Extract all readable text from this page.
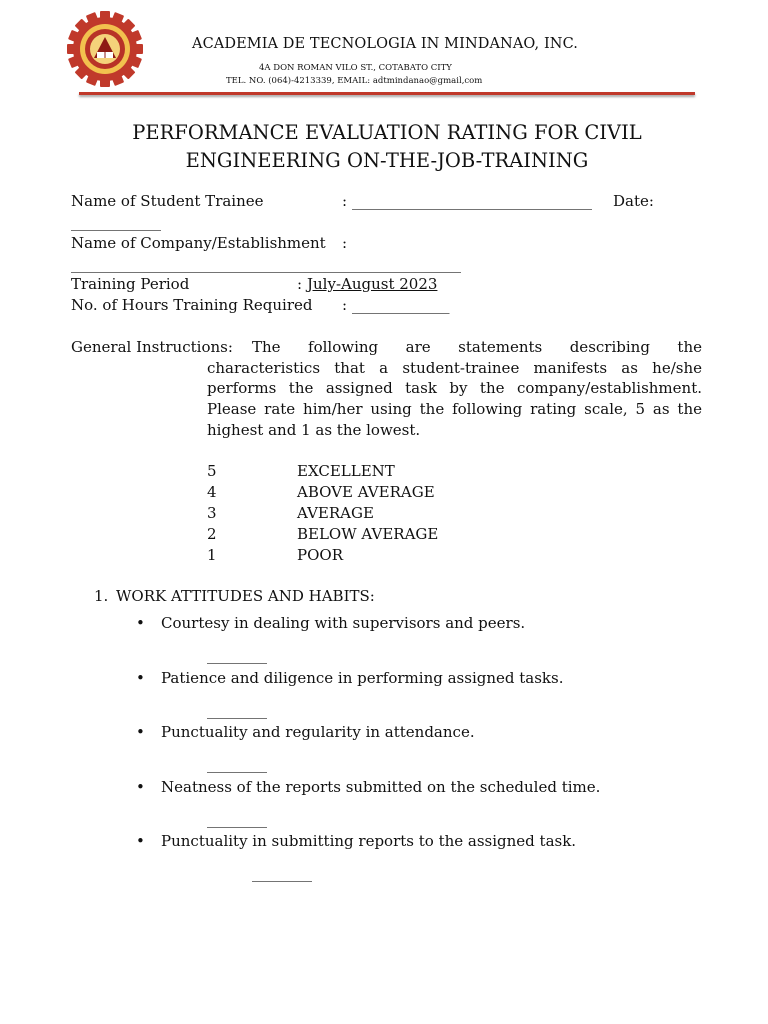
ACADEMIA DE TECNOLOGIA IN MINDANAO, INC.
4A DON ROMAN VILO ST., COTABATO CITY
TEL. NO. (064)-4213339, EMAIL: adtmindanao@gmail,com
PERFORMANCE EVALUATION RATING FOR CIVIL
ENGINEERING ON-THE-JOB-TRAINING
Name of Student Trainee	: ________________________________ Date:
____________
Name of Company/Establishment :
____________________________________________________
Training Period	: July-August 2023
No. of Hours Training Required : _____________
General Instructions:	The following are statements describing the characteristics that a student-trainee manifests as he/she performs the assigned task by the company/establishment. Please rate him/her using the following rating scale, 5 as the highest and 1 as the lowest.
5	EXCELLENT
4	ABOVE AVERAGE
3	AVERAGE
2	BELOW AVERAGE
1	POOR
1. WORK ATTITUDES AND HABITS:
• Courtesy in dealing with supervisors and peers.
________
• Patience and diligence in performing assigned tasks.
________
• Punctuality and regularity in attendance.
________
• Neatness of the reports submitted on the scheduled time.
________
• Punctuality in submitting reports to the assigned task.
________
